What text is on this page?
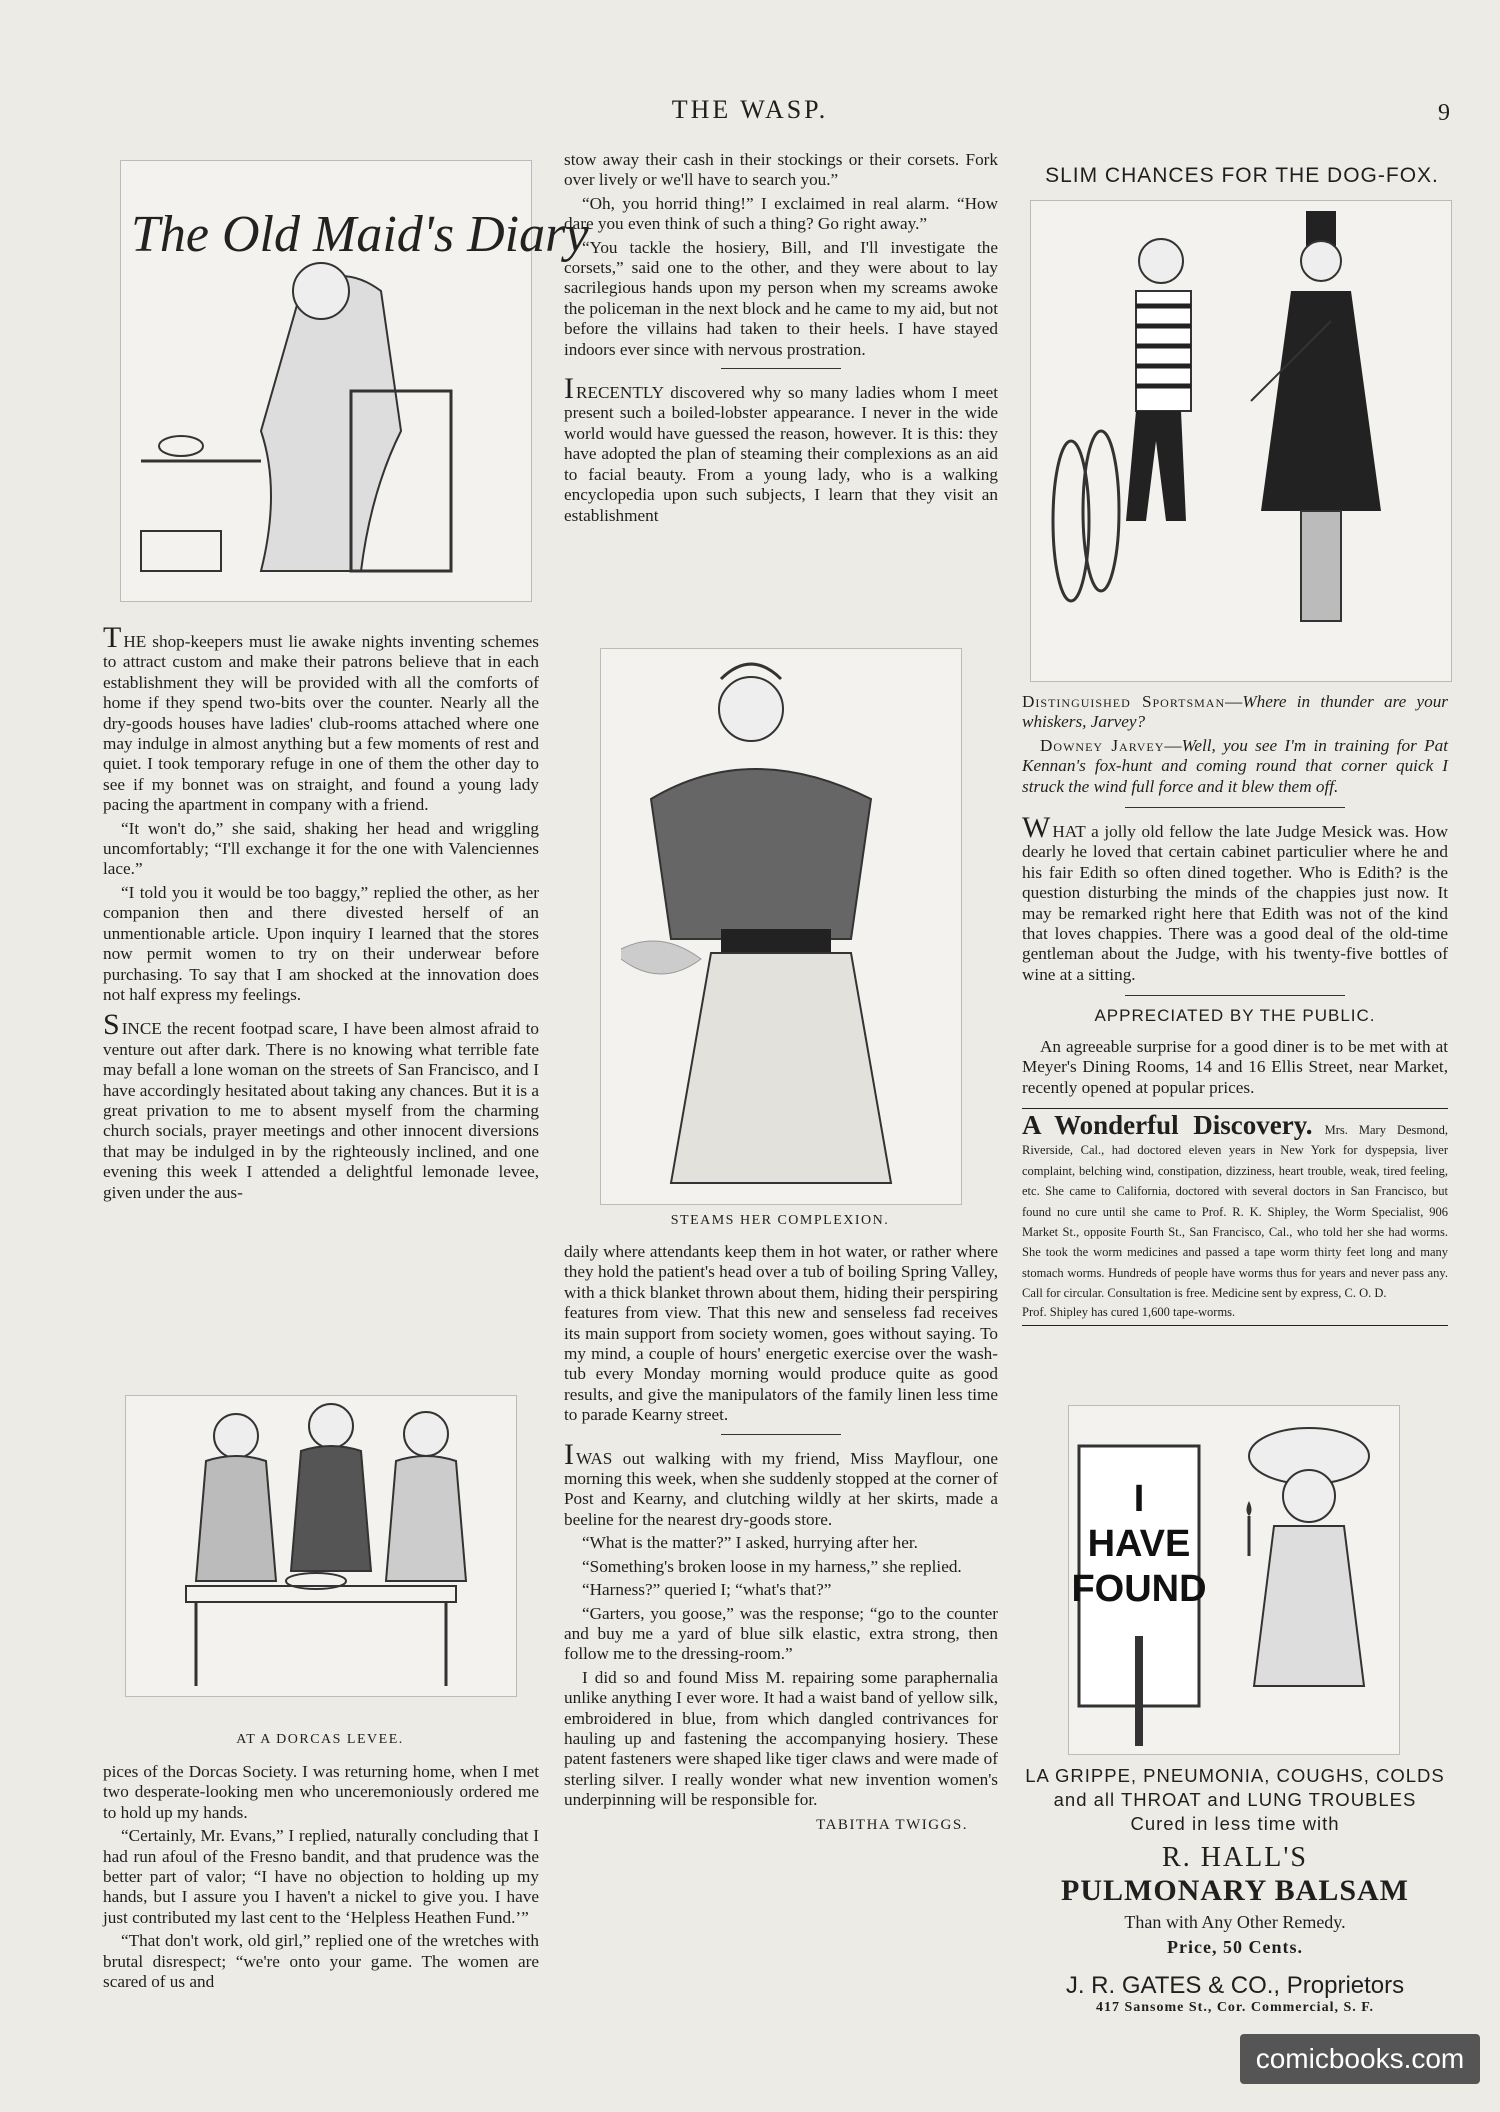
THE WASP.	9
The Old Maid's Diary

THE shop-keepers must lie awake nights inventing schemes to attract custom and make their patrons believe that in each establishment they will be provided with all the comforts of home if they spend two-bits over the counter. Nearly all the dry-goods houses have ladies' club-rooms attached where one may indulge in almost anything but a few moments of rest and quiet. I took temporary refuge in one of them the other day to see if my bonnet was on straight, and found a young lady pacing the apartment in company with a friend.

“It won't do,” she said, shaking her head and wriggling uncomfortably; “I'll exchange it for the one with Valenciennes lace.”

“I told you it would be too baggy,” replied the other, as her companion then and there divested herself of an unmentionable article. Upon inquiry I learned that the stores now permit women to try on their underwear before purchasing. To say that I am shocked at the innovation does not half express my feelings.

SINCE the recent footpad scare, I have been almost afraid to venture out after dark. There is no knowing what terrible fate may befall a lone woman on the streets of San Francisco, and I have accordingly hesitated about taking any chances. But it is a great privation to me to absent myself from the charming church socials, prayer meetings and other innocent diversions that may be indulged in by the righteously inclined, and one evening this week I attended a delightful lemonade levee, given under the aus-

AT A DORCAS LEVEE.

pices of the Dorcas Society. I was returning home, when I met two desperate-looking men who unceremoniously ordered me to hold up my hands.

“Certainly, Mr. Evans,” I replied, naturally concluding that I had run afoul of the Fresno bandit, and that prudence was the better part of valor; “I have no objection to holding up my hands, but I assure you I haven't a nickel to give you. I have just contributed my last cent to the ‘Helpless Heathen Fund.’”

“That don't work, old girl,” replied one of the wretches with brutal disrespect; “we're onto your game. The women are scared of us and

stow away their cash in their stockings or their corsets. Fork over lively or we'll have to search you.”

“Oh, you horrid thing!” I exclaimed in real alarm. “How dare you even think of such a thing? Go right away.”

“You tackle the hosiery, Bill, and I'll investigate the corsets,” said one to the other, and they were about to lay sacrilegious hands upon my person when my screams awoke the policeman in the next block and he came to my aid, but not before the villains had taken to their heels. I have stayed indoors ever since with nervous prostration.

IRECENTLY discovered why so many ladies whom I meet present such a boiled-lobster appearance. I never in the wide world would have guessed the reason, however. It is this: they have adopted the plan of steaming their complexions as an aid to facial beauty. From a young lady, who is a walking encyclopedia upon such subjects, I learn that they visit an establishment

STEAMS HER COMPLEXION.

daily where attendants keep them in hot water, or rather where they hold the patient's head over a tub of boiling Spring Valley, with a thick blanket thrown about them, hiding their perspiring features from view. That this new and senseless fad receives its main support from society women, goes without saying. To my mind, a couple of hours' energetic exercise over the wash-tub every Monday morning would produce quite as good results, and give the manipulators of the family linen less time to parade Kearny street.

IWAS out walking with my friend, Miss Mayflour, one morning this week, when she suddenly stopped at the corner of Post and Kearny, and clutching wildly at her skirts, made a beeline for the nearest dry-goods store.

“What is the matter?” I asked, hurrying after her.

“Something's broken loose in my harness,” she replied.

“Harness?” queried I; “what's that?”

“Garters, you goose,” was the response; “go to the counter and buy me a yard of blue silk elastic, extra strong, then follow me to the dressing-room.”

I did so and found Miss M. repairing some paraphernalia unlike anything I ever wore. It had a waist band of yellow silk, embroidered in blue, from which dangled contrivances for hauling up and fastening the accompanying hosiery. These patent fasteners were shaped like tiger claws and were made of sterling silver. I really wonder what new invention women's underpinning will be responsible for.

TABITHA TWIGGS.
SLIM CHANCES FOR THE DOG-FOX.

Distinguished Sportsman—Where in thunder are your whiskers, Jarvey?

Downey Jarvey—Well, you see I'm in training for Pat Kennan's fox-hunt and coming round that corner quick I struck the wind full force and it blew them off.

WHAT a jolly old fellow the late Judge Mesick was. How dearly he loved that certain cabinet particulier where he and his fair Edith so often dined together. Who is Edith? is the question disturbing the minds of the chappies just now. It may be remarked right here that Edith was not of the kind that loves chappies. There was a good deal of the old-time gentleman about the Judge, with his twenty-five bottles of wine at a sitting.

APPRECIATED BY THE PUBLIC.

An agreeable surprise for a good diner is to be met with at Meyer's Dining Rooms, 14 and 16 Ellis Street, near Market, recently opened at popular prices.

A Wonderful Discovery. Mrs. Mary Desmond, Riverside, Cal., had doctored eleven years in New York for dyspepsia, liver complaint, belching wind, constipation, dizziness, heart trouble, weak, tired feeling, etc. She came to California, doctored with several doctors in San Francisco, but found no cure until she came to Prof. R. K. Shipley, the Worm Specialist, 906 Market St., opposite Fourth St., San Francisco, Cal., who told her she had worms. She took the worm medicines and passed a tape worm thirty feet long and many stomach worms. Hundreds of people have worms thus for years and never pass any. Call for circular. Consultation is free. Medicine sent by express, C. O. D.
Prof. Shipley has cured 1,600 tape-worms.
I
HAVE
FOUND
LA GRIPPE, PNEUMONIA, COUGHS, COLDS
and all THROAT and LUNG TROUBLES
Cured in less time with
R. HALL'S
PULMONARY BALSAM
Than with Any Other Remedy.
Price, 50 Cents.
J. R. GATES & CO., Proprietors
417 Sansome St., Cor. Commercial, S. F.
comicbooks.com
